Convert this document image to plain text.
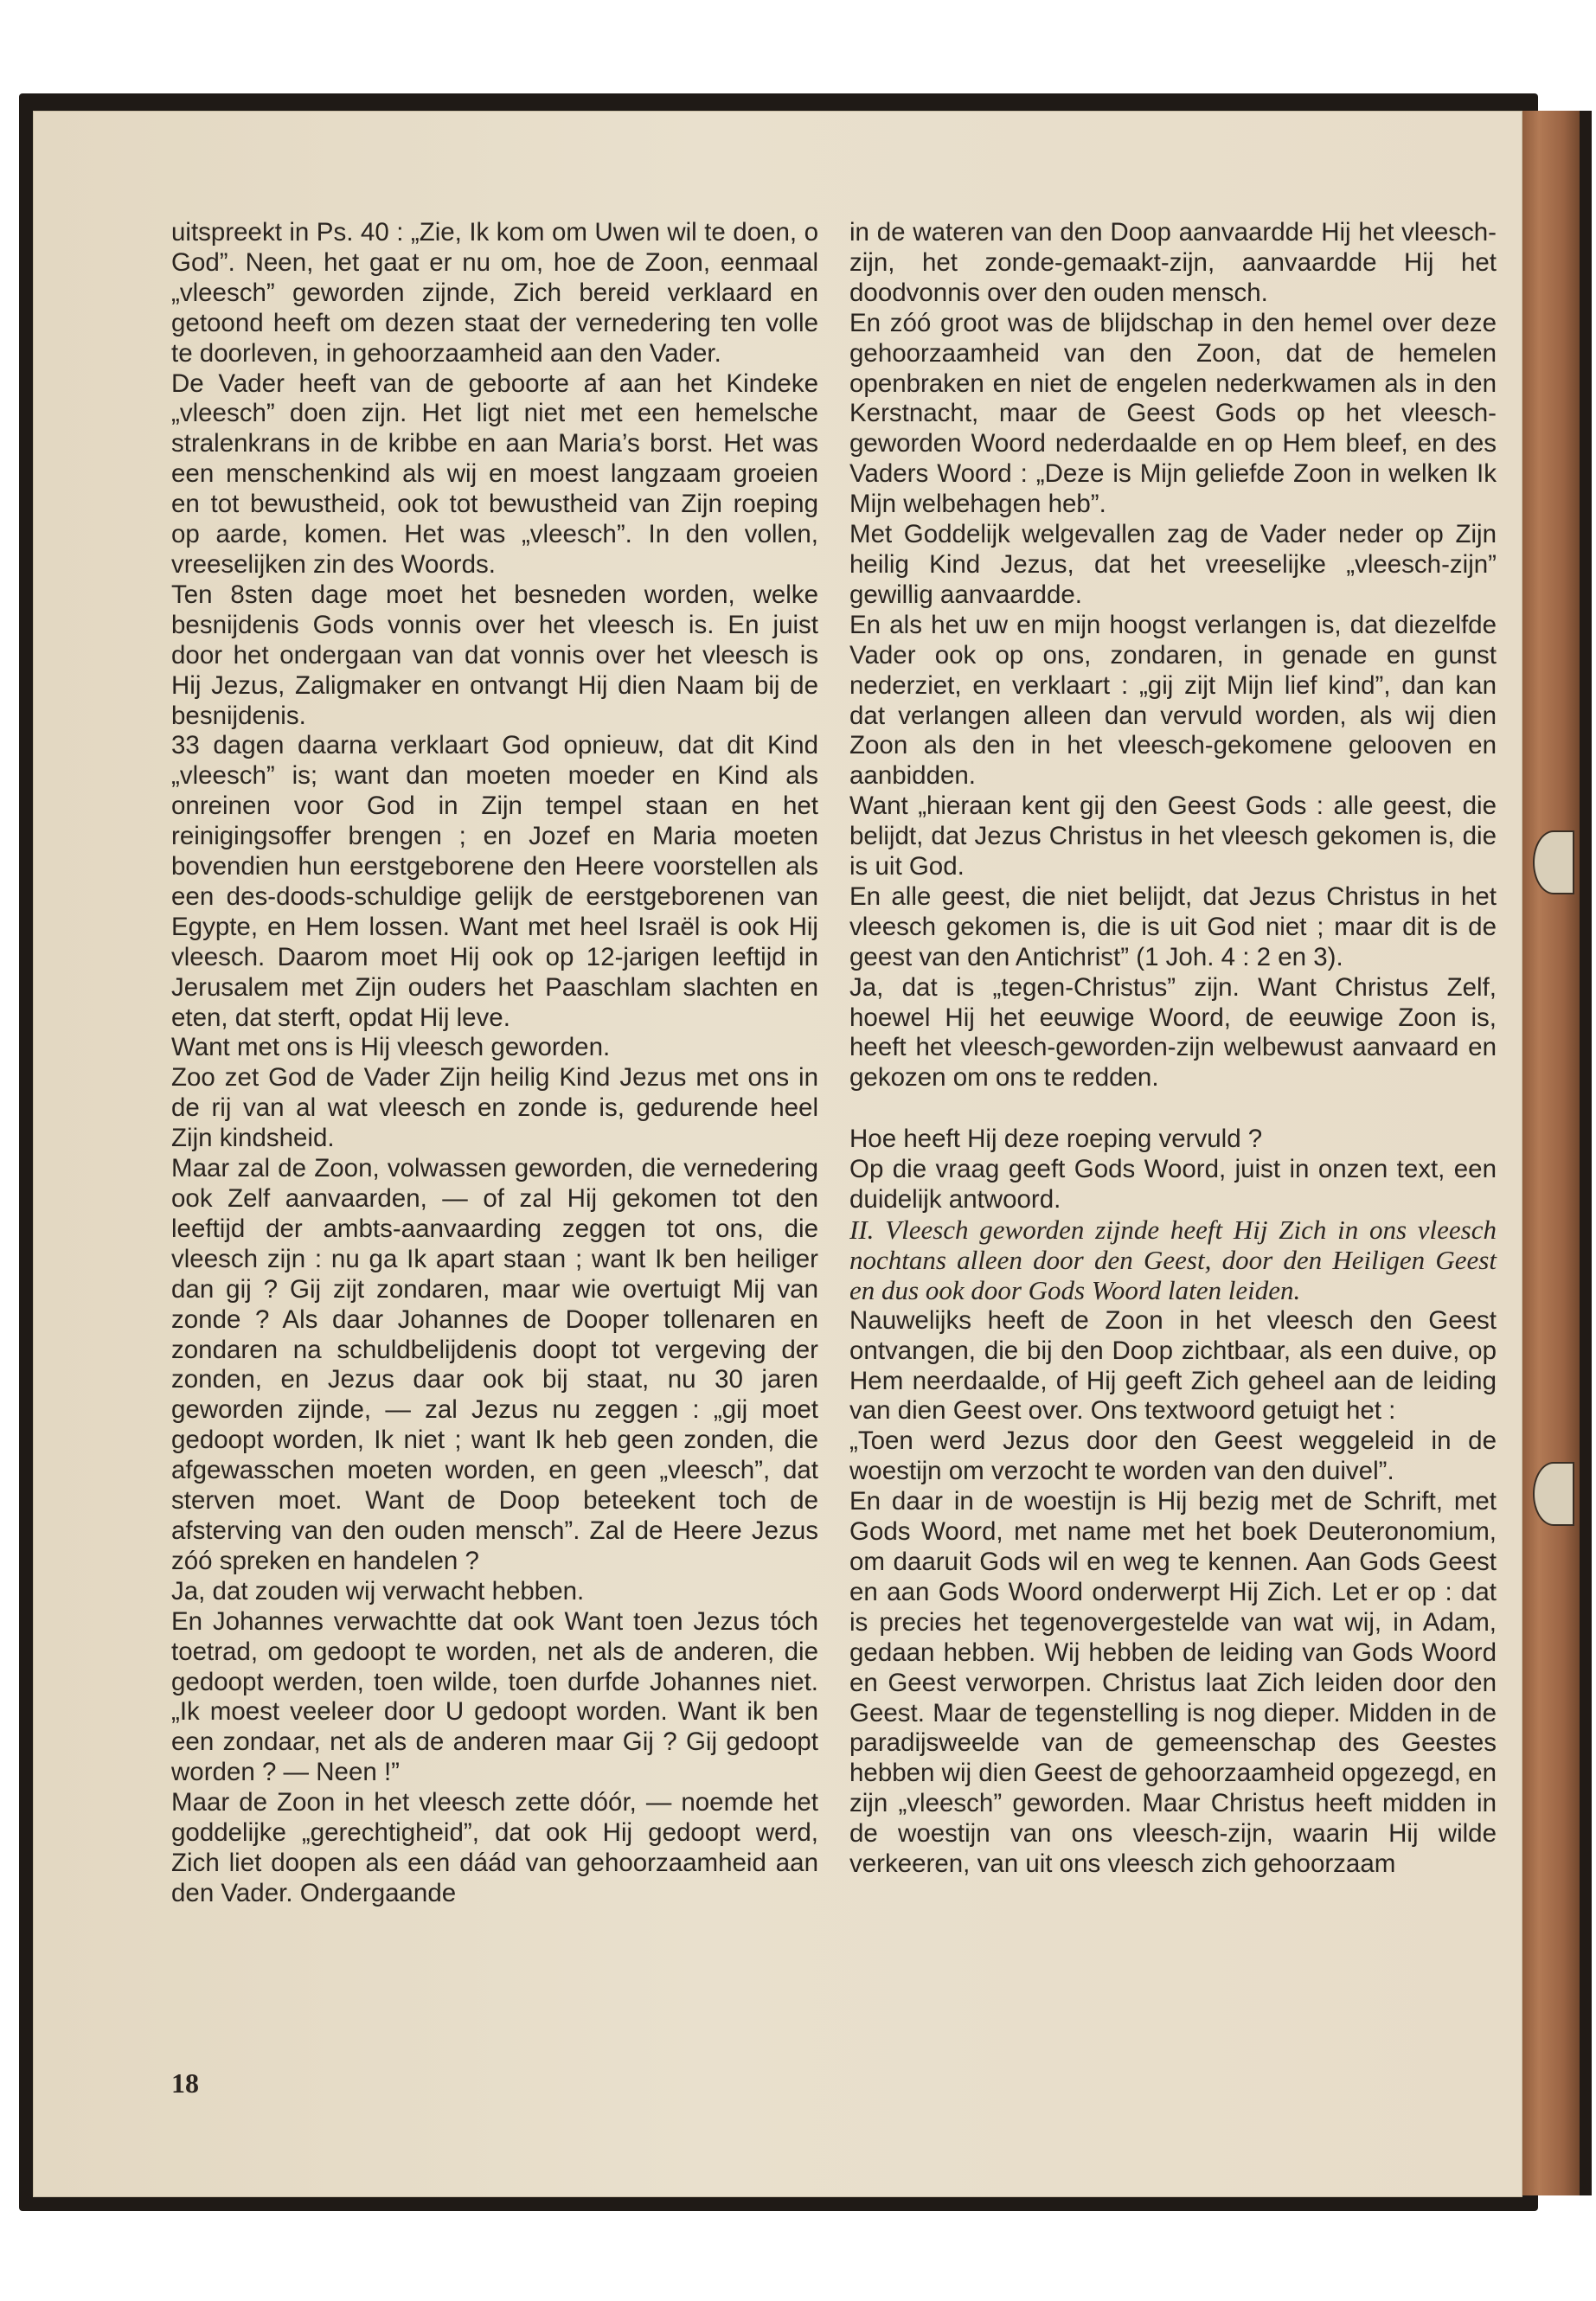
uitspreekt in Ps. 40 : „Zie, Ik kom om Uwen wil te doen, o God”. Neen, het gaat er nu om, hoe de Zoon, eenmaal „vleesch” geworden zijnde, Zich bereid verklaard en getoond heeft om dezen staat der vernedering ten volle te doorleven, in gehoorzaamheid aan den Vader.

De Vader heeft van de geboorte af aan het Kindeke „vleesch” doen zijn. Het ligt niet met een hemelsche stralenkrans in de kribbe en aan Maria’s borst. Het was een menschenkind als wij en moest langzaam groeien en tot bewustheid, ook tot bewustheid van Zijn roeping op aarde, komen. Het was „vleesch”. In den vollen, vreeselijken zin des Woords.

Ten 8sten dage moet het besneden worden, welke besnijdenis Gods vonnis over het vleesch is. En juist door het ondergaan van dat vonnis over het vleesch is Hij Jezus, Zaligmaker en ontvangt Hij dien Naam bij de besnijdenis.

33 dagen daarna verklaart God opnieuw, dat dit Kind „vleesch” is; want dan moeten moeder en Kind als onreinen voor God in Zijn tempel staan en het reinigingsoffer brengen ; en Jozef en Maria moeten bovendien hun eerstgeborene den Heere voorstellen als een des-doods-schuldige gelijk de eerstgeborenen van Egypte, en Hem lossen. Want met heel Israël is ook Hij vleesch. Daarom moet Hij ook op 12-jarigen leeftijd in Jerusalem met Zijn ouders het Paaschlam slachten en eten, dat sterft, opdat Hij leve.

Want met ons is Hij vleesch geworden.

Zoo zet God de Vader Zijn heilig Kind Jezus met ons in de rij van al wat vleesch en zonde is, gedurende heel Zijn kindsheid.

Maar zal de Zoon, volwassen geworden, die vernedering ook Zelf aanvaarden, — of zal Hij gekomen tot den leeftijd der ambts-aanvaarding zeggen tot ons, die vleesch zijn : nu ga Ik apart staan ; want Ik ben heiliger dan gij ? Gij zijt zondaren, maar wie overtuigt Mij van zonde ? Als daar Johannes de Dooper tollenaren en zondaren na schuldbelijdenis doopt tot vergeving der zonden, en Jezus daar ook bij staat, nu 30 jaren geworden zijnde, — zal Jezus nu zeggen : „gij moet gedoopt worden, Ik niet ; want Ik heb geen zonden, die afgewasschen moeten worden, en geen „vleesch”, dat sterven moet. Want de Doop beteekent toch de afsterving van den ouden mensch”. Zal de Heere Jezus zóó spreken en handelen ?

Ja, dat zouden wij verwacht hebben.

En Johannes verwachtte dat ook Want toen Jezus tóch toetrad, om gedoopt te worden, net als de anderen, die gedoopt werden, toen wilde, toen durfde Johannes niet. „Ik moest veeleer door U gedoopt worden. Want ik ben een zondaar, net als de anderen maar Gij ? Gij gedoopt worden ? — Neen !”

Maar de Zoon in het vleesch zette dóór, — noemde het goddelijke „gerechtigheid”, dat ook Hij gedoopt werd, Zich liet doopen als een dáád van gehoorzaamheid aan den Vader. Ondergaande

in de wateren van den Doop aanvaardde Hij het vleesch-zijn, het zonde-gemaakt-zijn, aanvaardde Hij het doodvonnis over den ouden mensch.

En zóó groot was de blijdschap in den hemel over deze gehoorzaamheid van den Zoon, dat de hemelen openbraken en niet de engelen nederkwamen als in den Kerstnacht, maar de Geest Gods op het vleesch-geworden Woord nederdaalde en op Hem bleef, en des Vaders Woord : „Deze is Mijn geliefde Zoon in welken Ik Mijn welbehagen heb”.

Met Goddelijk welgevallen zag de Vader neder op Zijn heilig Kind Jezus, dat het vreeselijke „vleesch-zijn” gewillig aanvaardde.

En als het uw en mijn hoogst verlangen is, dat diezelfde Vader ook op ons, zondaren, in genade en gunst nederziet, en verklaart : „gij zijt Mijn lief kind”, dan kan dat verlangen alleen dan vervuld worden, als wij dien Zoon als den in het vleesch-gekomene gelooven en aanbidden.

Want „hieraan kent gij den Geest Gods : alle geest, die belijdt, dat Jezus Christus in het vleesch gekomen is, die is uit God.

En alle geest, die niet belijdt, dat Jezus Christus in het vleesch gekomen is, die is uit God niet ; maar dit is de geest van den Antichrist” (1 Joh. 4 : 2 en 3).

Ja, dat is „tegen-Christus” zijn. Want Christus Zelf, hoewel Hij het eeuwige Woord, de eeuwige Zoon is, heeft het vleesch-geworden-zijn welbewust aanvaard en gekozen om ons te redden.

Hoe heeft Hij deze roeping vervuld ?

Op die vraag geeft Gods Woord, juist in onzen text, een duidelijk antwoord.

II. Vleesch geworden zijnde heeft Hij Zich in ons vleesch nochtans alleen door den Geest, door den Heiligen Geest en dus ook door Gods Woord laten leiden.

Nauwelijks heeft de Zoon in het vleesch den Geest ontvangen, die bij den Doop zichtbaar, als een duive, op Hem neerdaalde, of Hij geeft Zich geheel aan de leiding van dien Geest over. Ons textwoord getuigt het :

„Toen werd Jezus door den Geest weggeleid in de woestijn om verzocht te worden van den duivel”.

En daar in de woestijn is Hij bezig met de Schrift, met Gods Woord, met name met het boek Deuteronomium, om daaruit Gods wil en weg te kennen. Aan Gods Geest en aan Gods Woord onderwerpt Hij Zich. Let er op : dat is precies het tegenovergestelde van wat wij, in Adam, gedaan hebben. Wij hebben de leiding van Gods Woord en Geest verworpen. Christus laat Zich leiden door den Geest. Maar de tegenstelling is nog dieper. Midden in de paradijsweelde van de gemeenschap des Geestes hebben wij dien Geest de gehoorzaamheid opgezegd, en zijn „vleesch” geworden. Maar Christus heeft midden in de woestijn van ons vleesch-zijn, waarin Hij wilde verkeeren, van uit ons vleesch zich gehoorzaam

18
